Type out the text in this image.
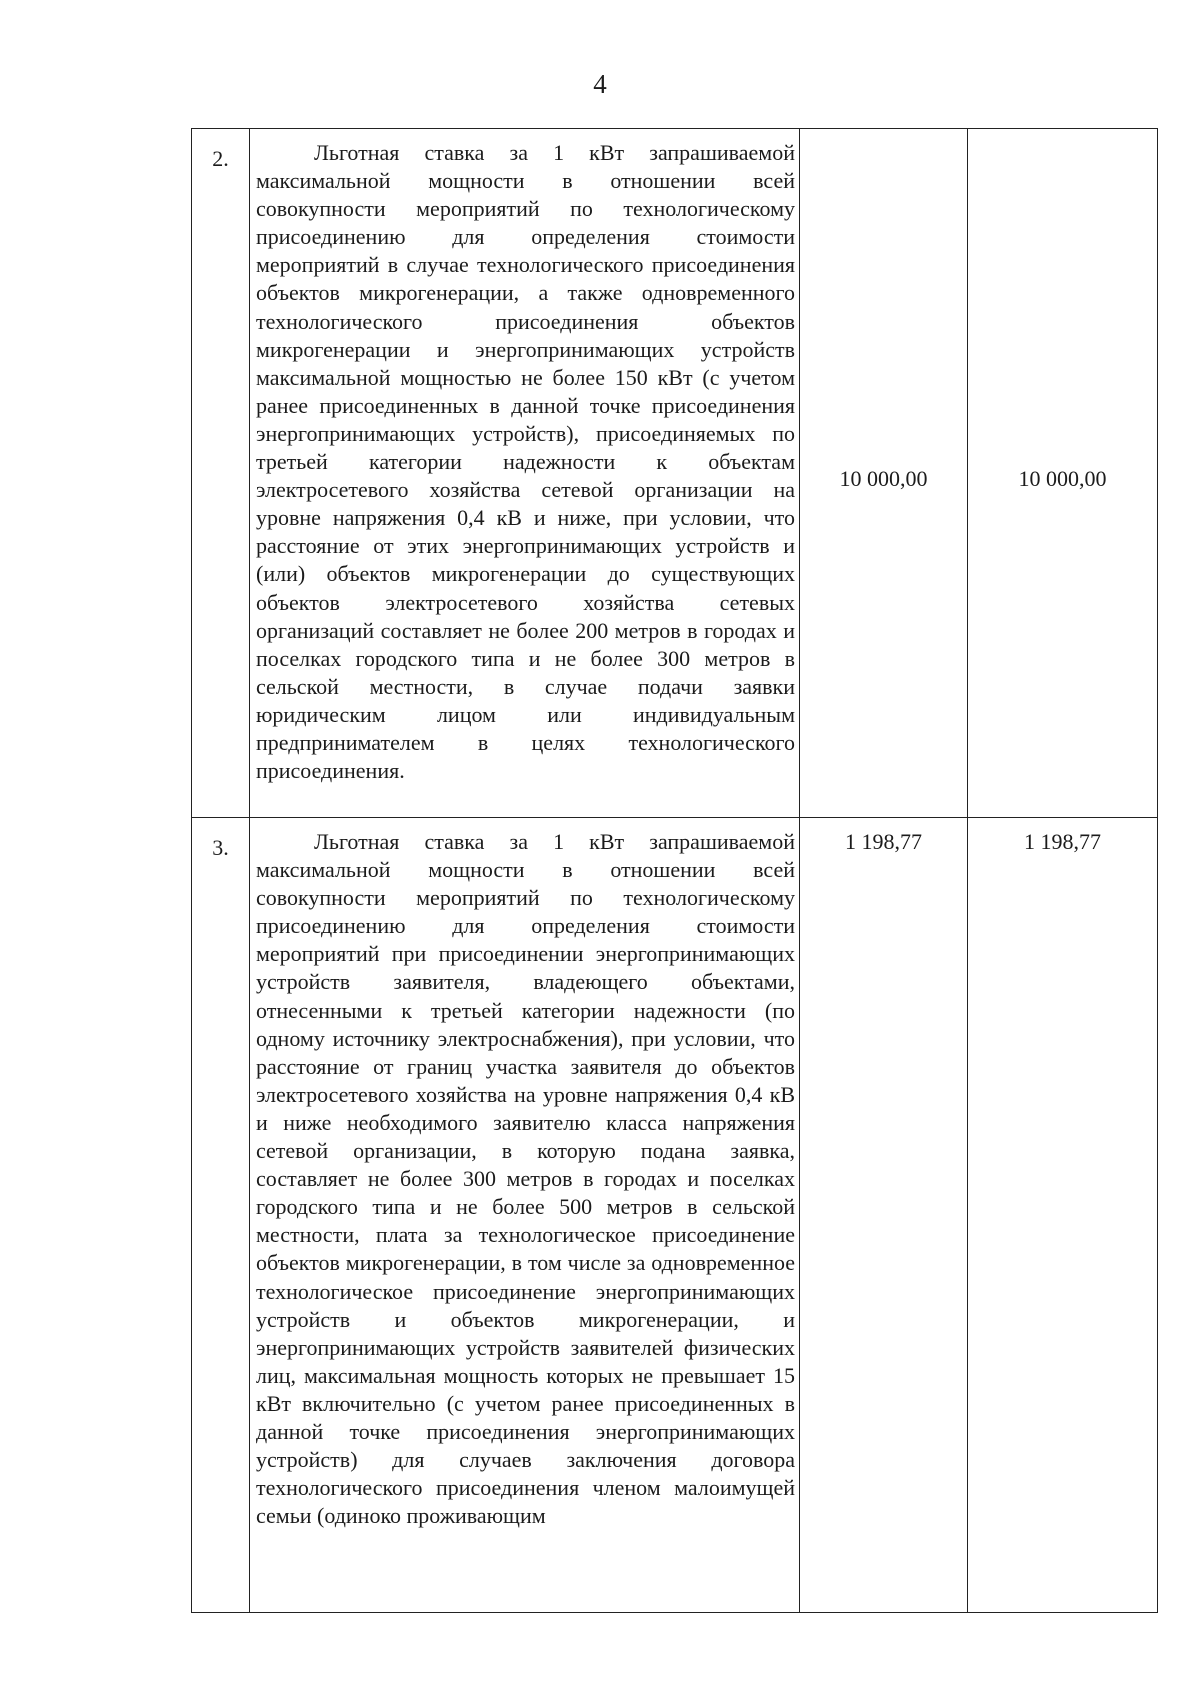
4
2.	Льготная ставка за 1 кВт запрашиваемой максимальной мощности в отношении всей совокупности мероприятий по технологическому присоединению для определения стоимости мероприятий в случае технологического присоединения объектов микрогенерации, а также одновременного технологического присоединения объектов микрогенерации и энергопринимающих устройств максимальной мощностью не более 150 кВт (с учетом ранее присоединенных в данной точке присоединения энергопринимающих устройств), присоединяемых по третьей категории надежности к объектам электросетевого хозяйства сетевой организации на уровне напряжения 0,4 кВ и ниже, при условии, что расстояние от этих энергопринимающих устройств и (или) объектов микрогенерации до существующих объектов электросетевого хозяйства сетевых организаций составляет не более 200 метров в городах и поселках городского типа и не более 300 метров в сельской местности, в случае подачи заявки юридическим лицом или индивидуальным предпринимателем в целях технологического присоединения.	10 000,00	10 000,00
3.	Льготная ставка за 1 кВт запрашиваемой максимальной мощности в отношении всей совокупности мероприятий по технологическому присоединению для определения стоимости мероприятий при присоединении энергопринимающих устройств заявителя, владеющего объектами, отнесенными к третьей категории надежности (по одному источнику электроснабжения), при условии, что расстояние от границ участка заявителя до объектов электросетевого хозяйства на уровне напряжения 0,4 кВ и ниже необходимого заявителю класса напряжения сетевой организации, в которую подана заявка, составляет не более 300 метров в городах и поселках городского типа и не более 500 метров в сельской местности, плата за технологическое присоединение объектов микрогенерации, в том числе за одновременное технологическое присоединение энергопринимающих устройств и объектов микрогенерации, и энергопринимающих устройств заявителей физических лиц, максимальная мощность которых не превышает 15 кВт включительно (с учетом ранее присоединенных в данной точке присоединения энергопринимающих устройств) для случаев заключения договора технологического присоединения членом малоимущей семьи (одиноко проживающим	1 198,77	1 198,77
